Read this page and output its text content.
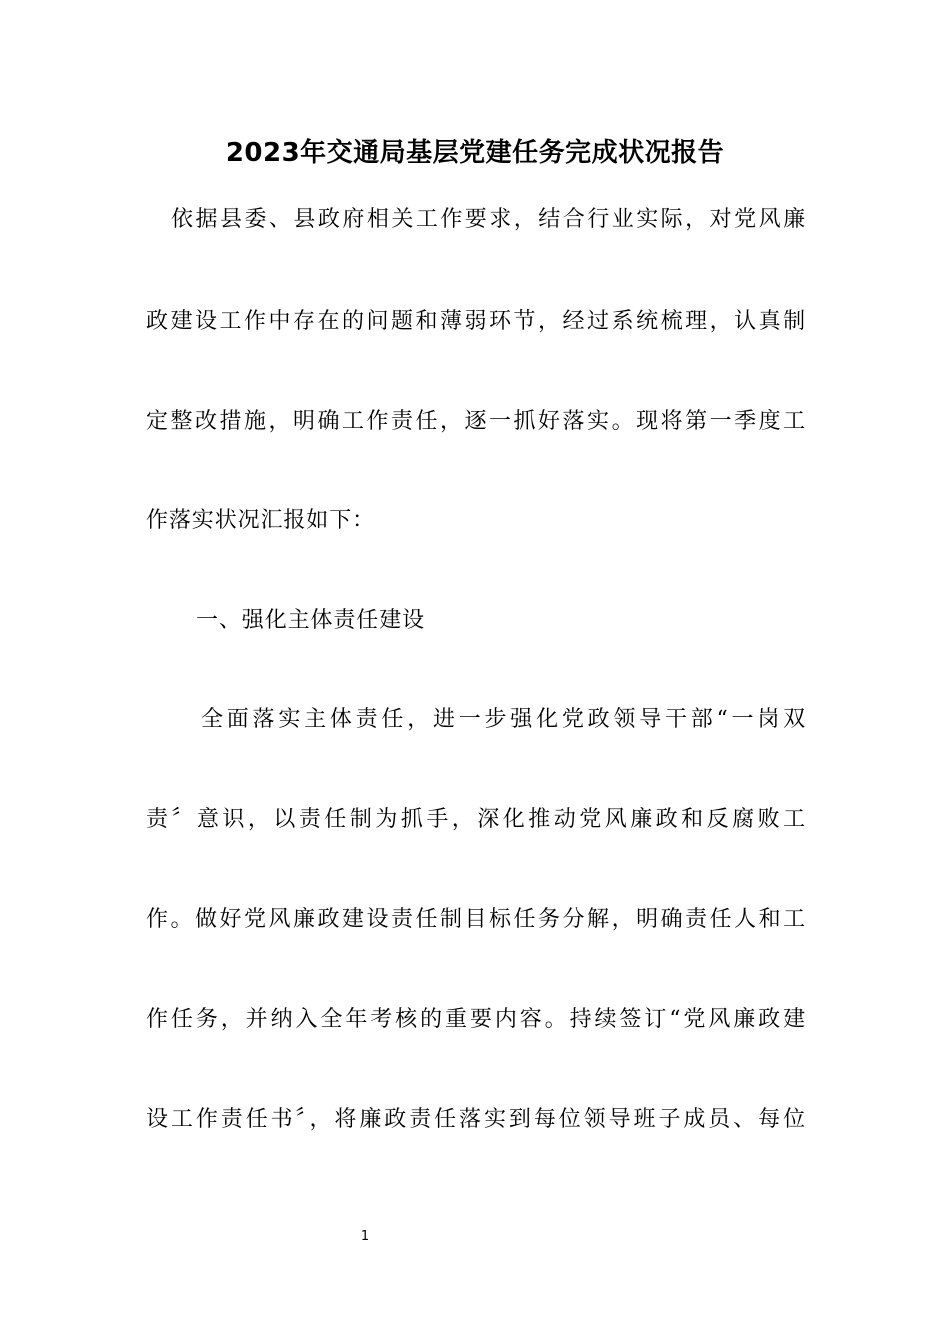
2023年交通局基层党建任务完成状况报告
依据县委、县政府相关工作要求，结合行业实际，对党风廉
政建设工作中存在的问题和薄弱环节，经过系统梳理，认真制
定整改措施，明确工作责任，逐一抓好落实。现将第一季度工
作落实状况汇报如下：
一、强化主体责任建设
全面落实主体责任，进一步强化党政领导干部“一岗双
责〞意识，以责任制为抓手，深化推动党风廉政和反腐败工
作。做好党风廉政建设责任制目标任务分解，明确责任人和工
作任务，并纳入全年考核的重要内容。持续签订“党风廉政建
设工作责任书〞，将廉政责任落实到每位领导班子成员、每位
1
